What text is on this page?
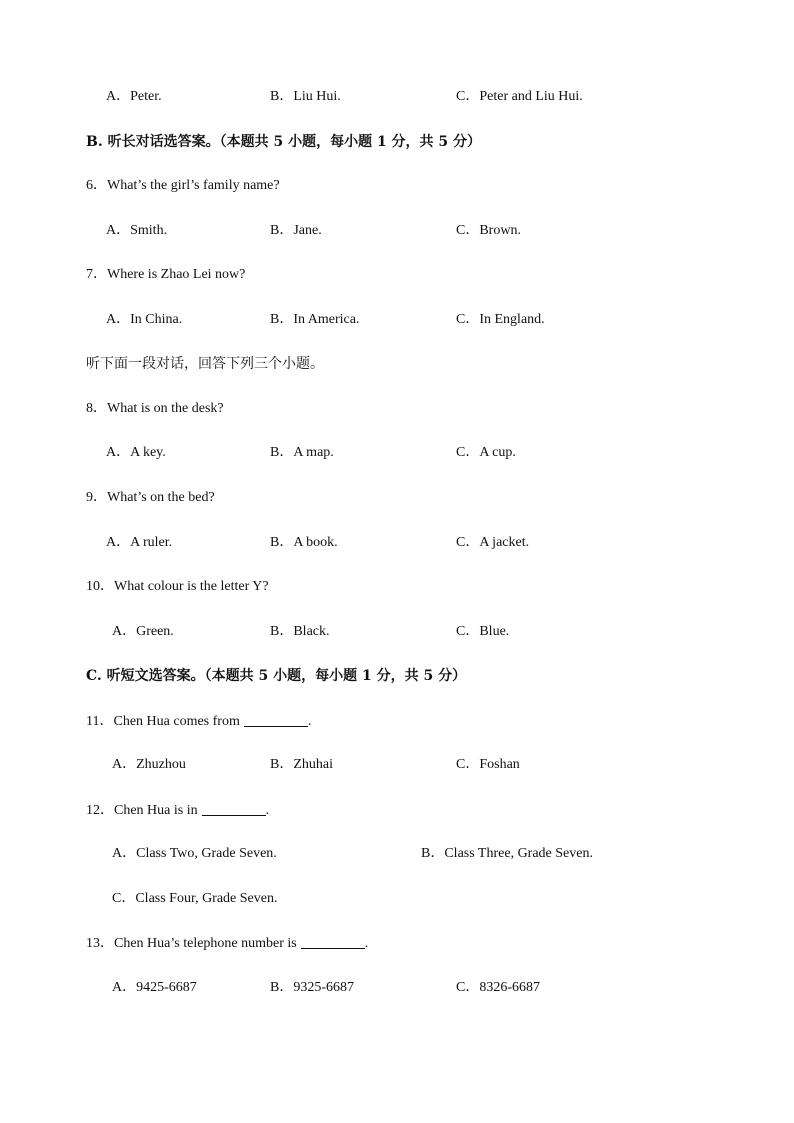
A．Peter.	B．Liu Hui.	C．Peter and Liu Hui.
B. 听长对话选答案。（本题共 5 小题，每小题 1 分，共 5 分）
6．What’s the girl’s family name?
A．Smith.	B．Jane.	C．Brown.
7．Where is Zhao Lei now?
A．In China.	B．In America.	C．In England.
听下面一段对话，回答下列三个小题。
8．What is on the desk?
A．A key.	B．A map.	C．A cup.
9．What’s on the bed?
A．A ruler.	B．A book.	C．A jacket.
10．What colour is the letter Y?
A．Green.	B．Black.	C．Blue.
C. 听短文选答案。（本题共 5 小题，每小题 1 分，共 5 分）
11．Chen Hua comes from	.
A．Zhuzhou	B．Zhuhai	C．Foshan
12．Chen Hua is in	.
A．Class Two, Grade Seven.	B．Class Three, Grade Seven.
C．Class Four, Grade Seven.
13．Chen Hua’s telephone number is	.
A．9425-6687	B．9325-6687	C．8326-6687
